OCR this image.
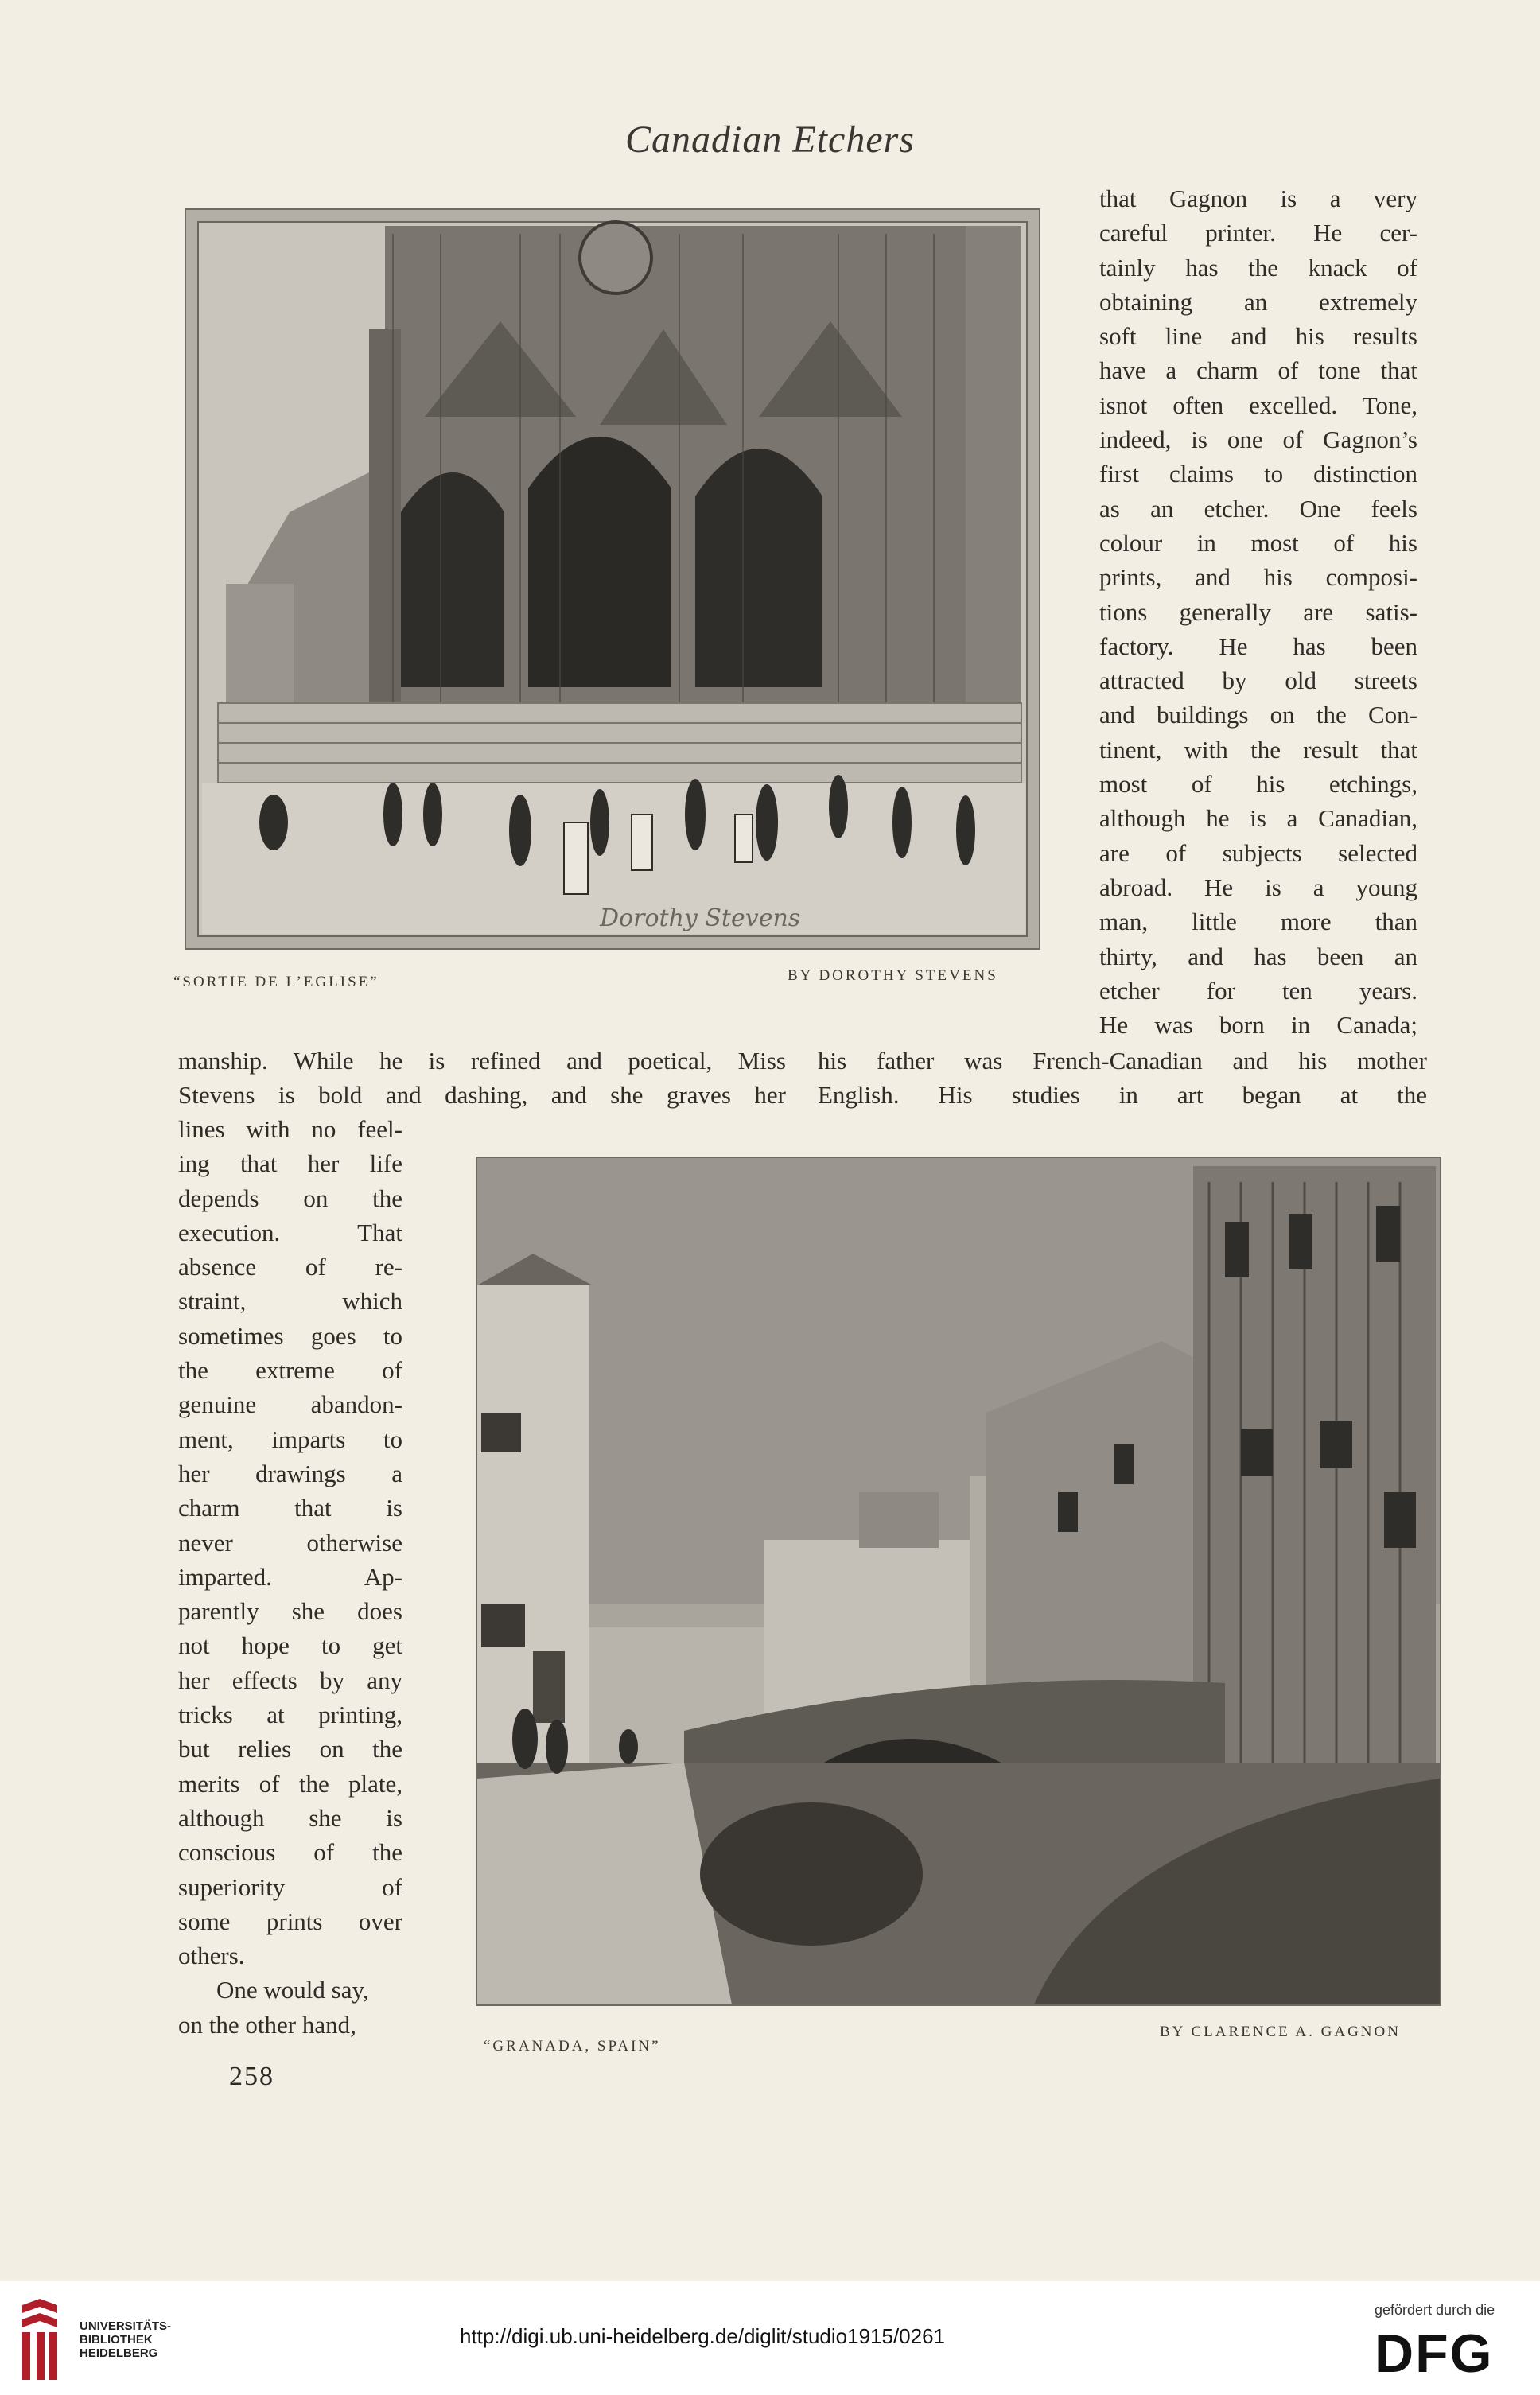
Canadian Etchers
Dorothy Stevens
“SORTIE DE L’EGLISE”	BY DOROTHY STEVENS
that Gagnon is a very
careful printer. He cer-
tainly has the knack of
obtaining an extremely
soft line and his results
have a charm of tone that
isnot often excelled. Tone,
indeed, is one of Gagnon’s
first claims to distinction
as an etcher. One feels
colour in most of his
prints, and his composi-
tions generally are satis-
factory. He has been
attracted by old streets
and buildings on the Con-
tinent, with the result that
most of his etchings,
although he is a Canadian,
are of subjects selected
abroad. He is a young
man, little more than
thirty, and has been an
etcher for ten years.
He was born in Canada;
manship. While he is refined and poetical, Miss
Stevens is bold and dashing, and she graves her
his father was French-Canadian and his mother
English. His studies in art began at the
lines with no feel-
ing that her life
depends on the
execution. That
absence of re-
straint, which
sometimes goes to
the extreme of
genuine abandon-
ment, imparts to
her drawings a
charm that is
never otherwise
imparted. Ap-
parently she does
not hope to get
her effects by any
tricks at printing,
but relies on the
merits of the plate,
although she is
conscious of the
superiority of
some prints over
others.
One would say,
on the other hand,
“GRANADA, SPAIN”
BY CLARENCE A. GAGNON
258
UNIVERSITÄTS-
BIBLIOTHEK
HEIDELBERG
http://digi.ub.uni-heidelberg.de/diglit/studio1915/0261
gefördert durch die
DFG
